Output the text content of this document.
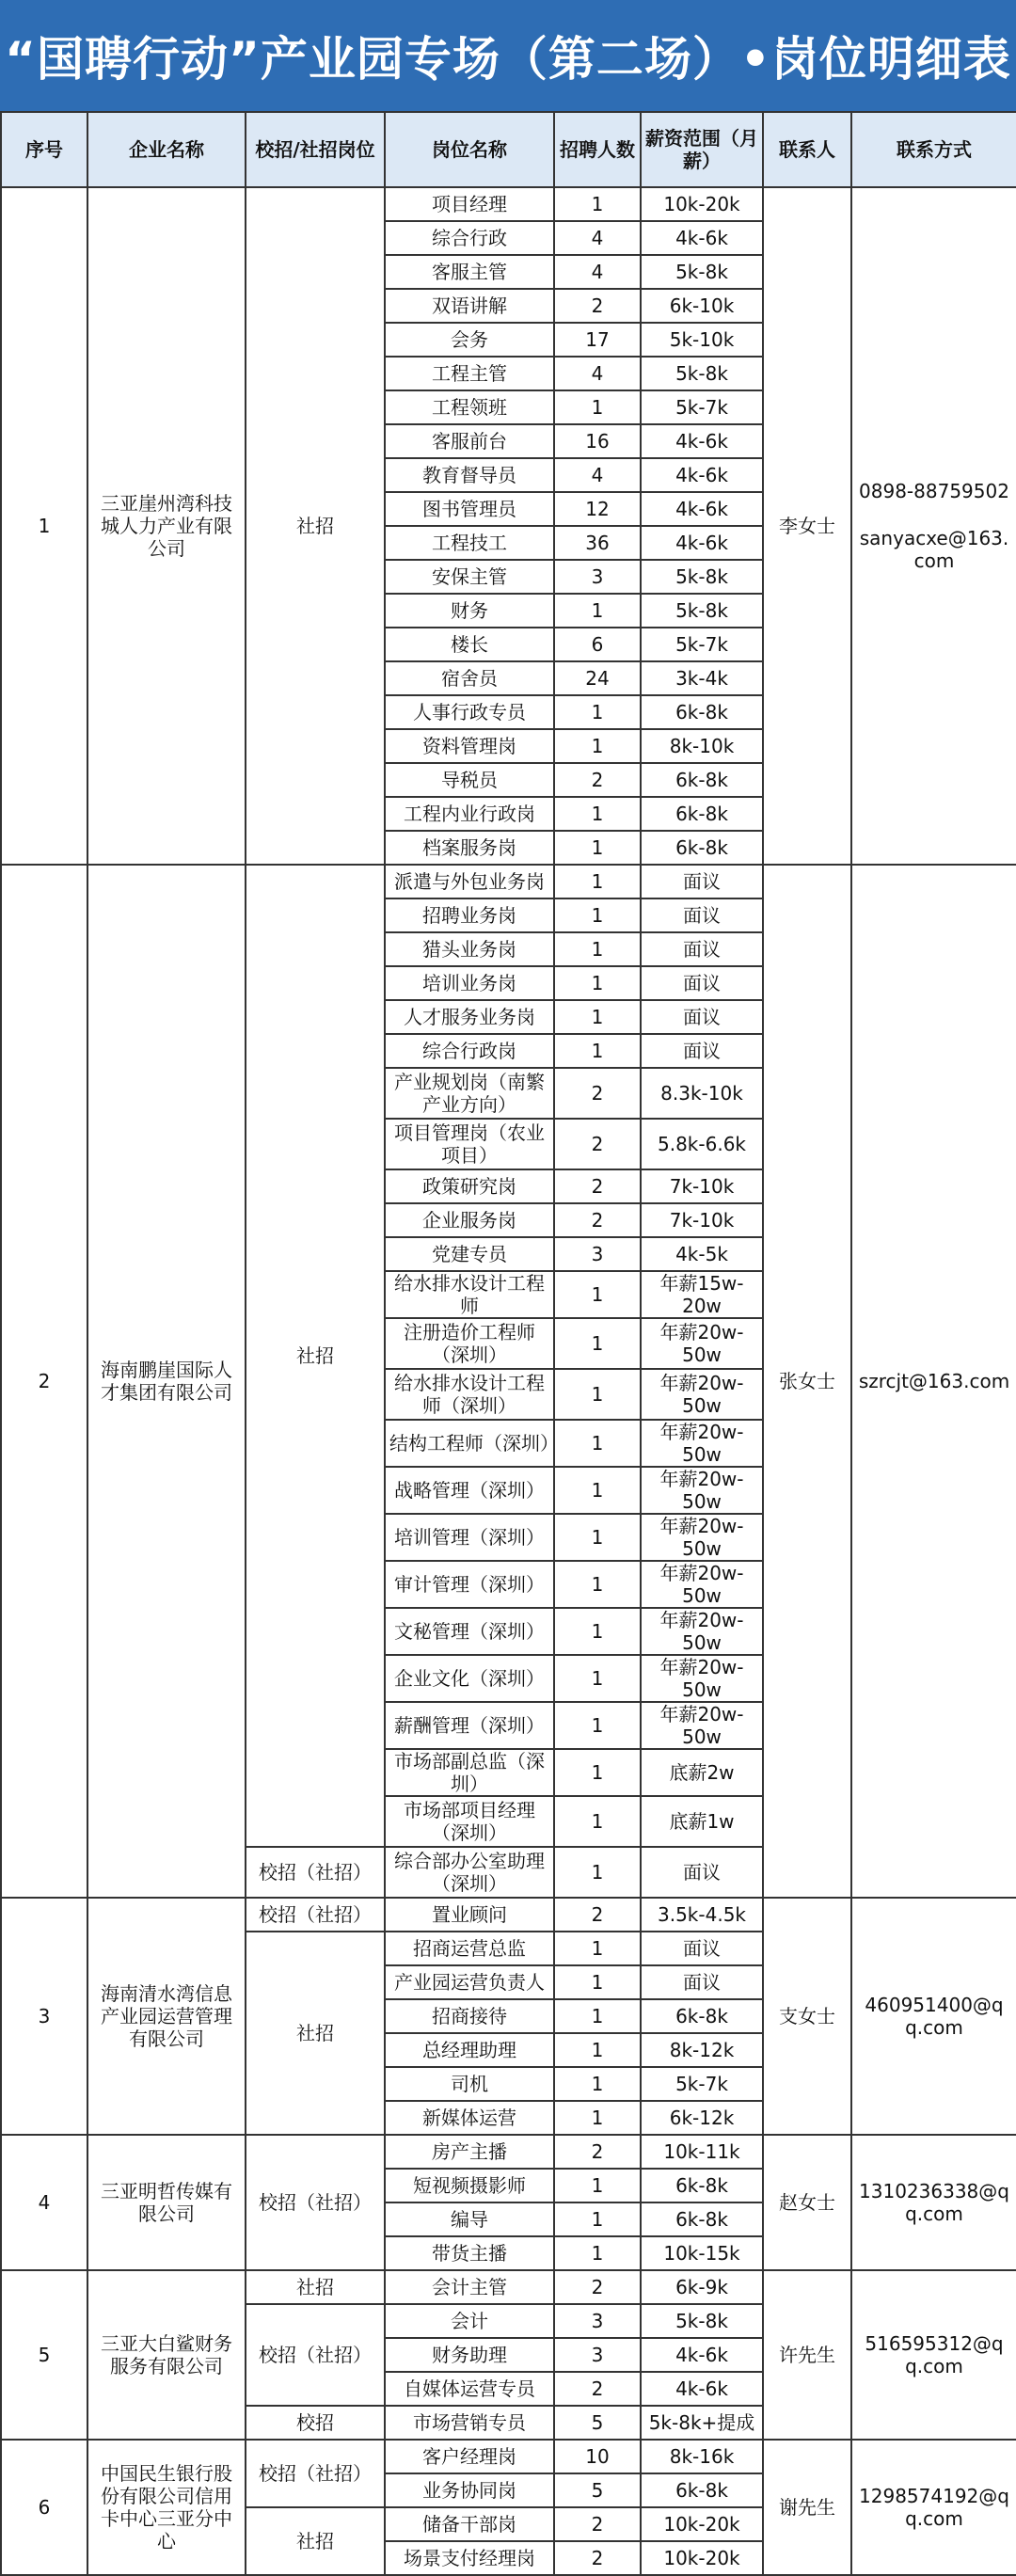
“国聘行动”产业园专场（第二场）•岗位明细表
序号	企业名称	校招/社招岗位	岗位名称	招聘人数	薪资范围（月薪）	联系人	联系方式
1	三亚崖州湾科技城人力产业有限公司	社招	项目经理	1	10k-20k	李女士	0898-88759502
sanyacxe@163.com

			综合行政	4	4k-6k		
			客服主管	4	5k-8k		
			双语讲解	2	6k-10k		
			会务	17	5k-10k		
			工程主管	4	5k-8k		
			工程领班	1	5k-7k		
			客服前台	16	4k-6k		
			教育督导员	4	4k-6k		
			图书管理员	12	4k-6k		
			工程技工	36	4k-6k		
			安保主管	3	5k-8k		
			财务	1	5k-8k		
			楼长	6	5k-7k		
			宿舍员	24	3k-4k		
			人事行政专员	1	6k-8k		
			资料管理岗	1	8k-10k		
			导税员	2	6k-8k		
			工程内业行政岗	1	6k-8k		
			档案服务岗	1	6k-8k		
2	海南鹏崖国际人才集团有限公司	社招	派遣与外包业务岗	1	面议	张女士	szrcjt@163.com

			招聘业务岗	1	面议		
			猎头业务岗	1	面议		
			培训业务岗	1	面议		
			人才服务业务岗	1	面议		
			综合行政岗	1	面议		
			产业规划岗（南繁产业方向）	2	8.3k-10k		
			项目管理岗（农业项目）	2	5.8k-6.6k		
			政策研究岗	2	7k-10k		
			企业服务岗	2	7k-10k		
			党建专员	3	4k-5k		
			给水排水设计工程师	1	年薪15w-20w		
			注册造价工程师（深圳）	1	年薪20w-50w		
			给水排水设计工程师（深圳）	1	年薪20w-50w		
			结构工程师（深圳）	1	年薪20w-50w		
			战略管理（深圳）	1	年薪20w-50w		
			培训管理（深圳）	1	年薪20w-50w		
			审计管理（深圳）	1	年薪20w-50w		
			文秘管理（深圳）	1	年薪20w-50w		
			企业文化（深圳）	1	年薪20w-50w		
			薪酬管理（深圳）	1	年薪20w-50w		
			市场部副总监（深圳）	1	底薪2w		
			市场部项目经理（深圳）	1	底薪1w		
		校招（社招）	综合部办公室助理（深圳）	1	面议		
3	海南清水湾信息产业园运营管理有限公司	校招（社招）	置业顾问	2	3.5k-4.5k	支女士	460951400@qq.com

		社招	招商运营总监	1	面议		
			产业园运营负责人	1	面议		
			招商接待	1	6k-8k		
			总经理助理	1	8k-12k		
			司机	1	5k-7k		
			新媒体运营	1	6k-12k		
4	三亚明哲传媒有限公司	校招（社招）	房产主播	2	10k-11k	赵女士	1310236338@qq.com

			短视频摄影师	1	6k-8k		
			编导	1	6k-8k		
			带货主播	1	10k-15k		
5	三亚大白鲨财务服务有限公司	社招	会计主管	2	6k-9k	许先生	516595312@qq.com

		校招（社招）	会计	3	5k-8k		
			财务助理	3	4k-6k		
			自媒体运营专员	2	4k-6k		
		校招	市场营销专员	5	5k-8k+提成		
6	中国民生银行股份有限公司信用卡中心三亚分中心	校招（社招）	客户经理岗	10	8k-16k	谢先生	1298574192@qq.com

			业务协同岗	5	6k-8k		
		社招	储备干部岗	2	10k-20k		
			场景支付经理岗	2	10k-20k		
